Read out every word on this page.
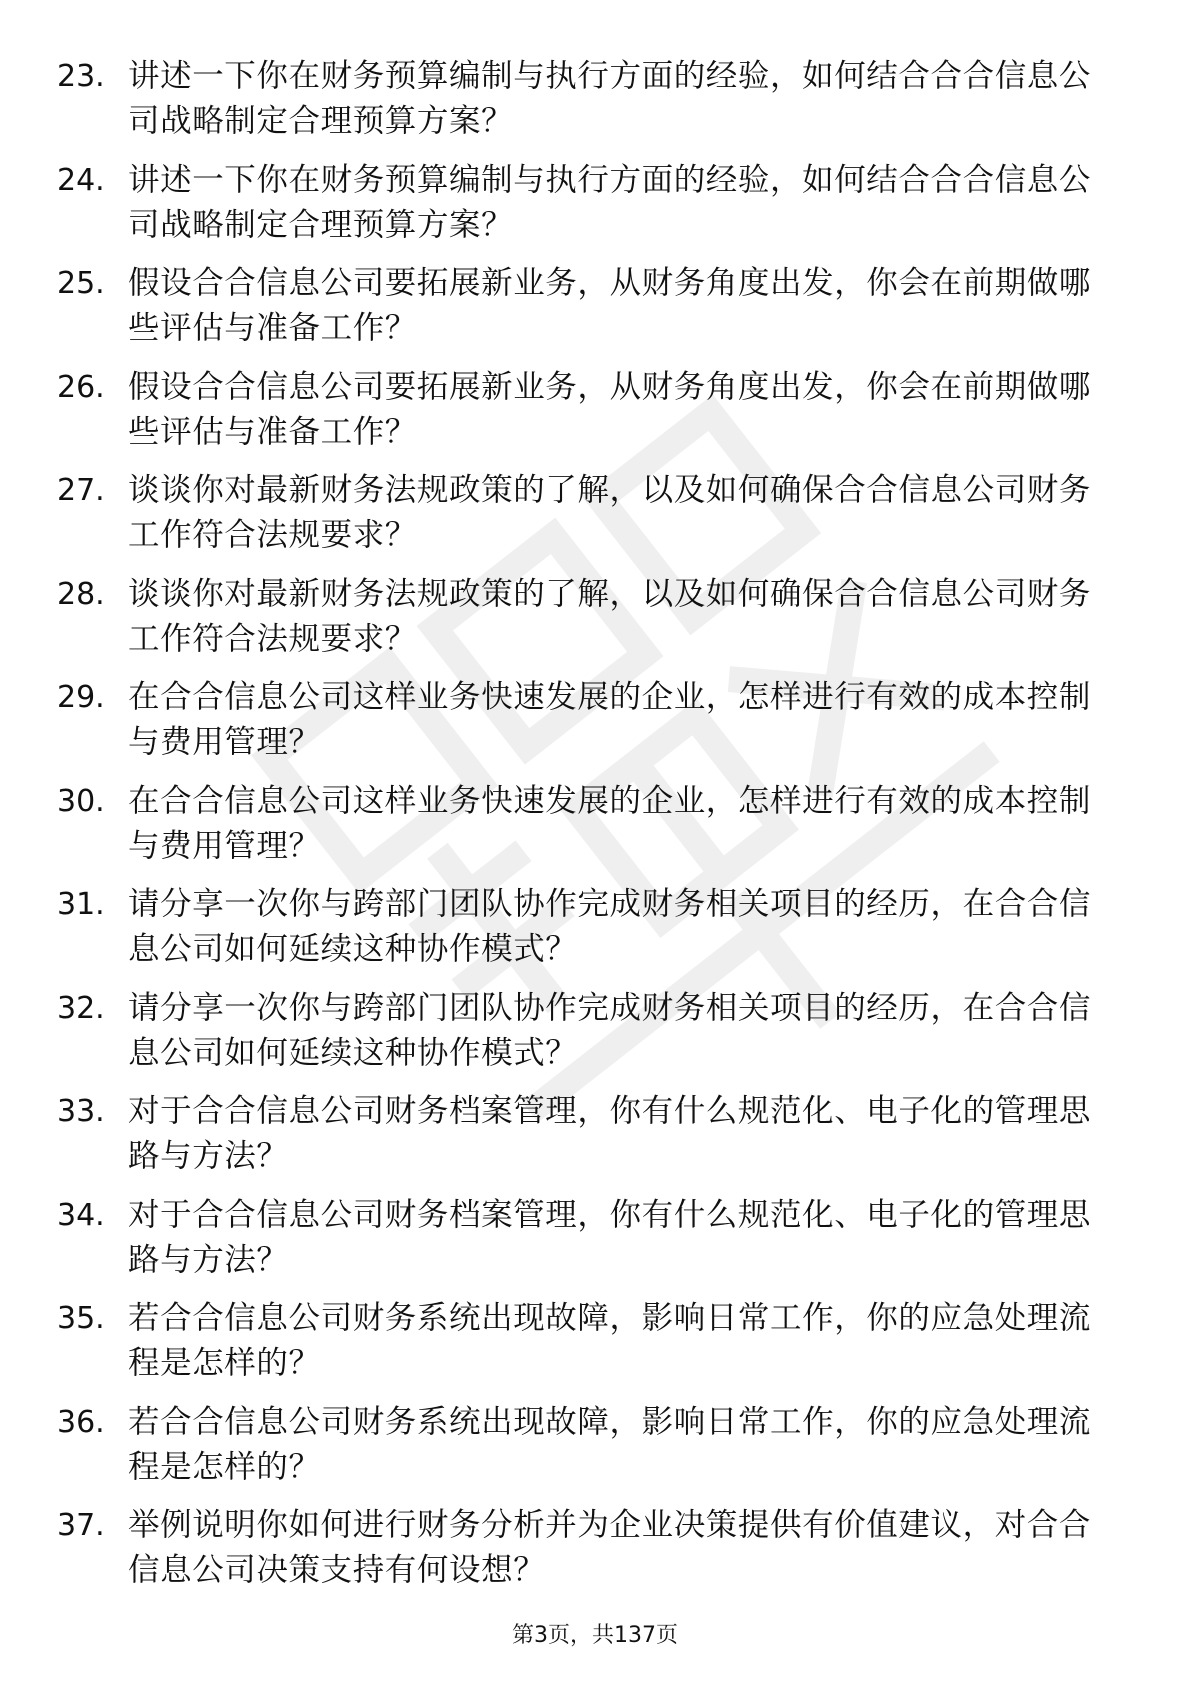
23. 讲述一下你在财务预算编制与执行方面的经验，如何结合合合信息公司战略制定合理预算方案？
24. 讲述一下你在财务预算编制与执行方面的经验，如何结合合合信息公司战略制定合理预算方案？
25. 假设合合信息公司要拓展新业务，从财务角度出发，你会在前期做哪些评估与准备工作？
26. 假设合合信息公司要拓展新业务，从财务角度出发，你会在前期做哪些评估与准备工作？
27. 谈谈你对最新财务法规政策的了解，以及如何确保合合信息公司财务工作符合法规要求？
28. 谈谈你对最新财务法规政策的了解，以及如何确保合合信息公司财务工作符合法规要求？
29. 在合合信息公司这样业务快速发展的企业，怎样进行有效的成本控制与费用管理？
30. 在合合信息公司这样业务快速发展的企业，怎样进行有效的成本控制与费用管理？
31. 请分享一次你与跨部门团队协作完成财务相关项目的经历，在合合信息公司如何延续这种协作模式？
32. 请分享一次你与跨部门团队协作完成财务相关项目的经历，在合合信息公司如何延续这种协作模式？
33. 对于合合信息公司财务档案管理，你有什么规范化、电子化的管理思路与方法？
34. 对于合合信息公司财务档案管理，你有什么规范化、电子化的管理思路与方法？
35. 若合合信息公司财务系统出现故障，影响日常工作，你的应急处理流程是怎样的？
36. 若合合信息公司财务系统出现故障，影响日常工作，你的应急处理流程是怎样的？
37. 举例说明你如何进行财务分析并为企业决策提供有价值建议，对合合信息公司决策支持有何设想？
第3页，共137页
